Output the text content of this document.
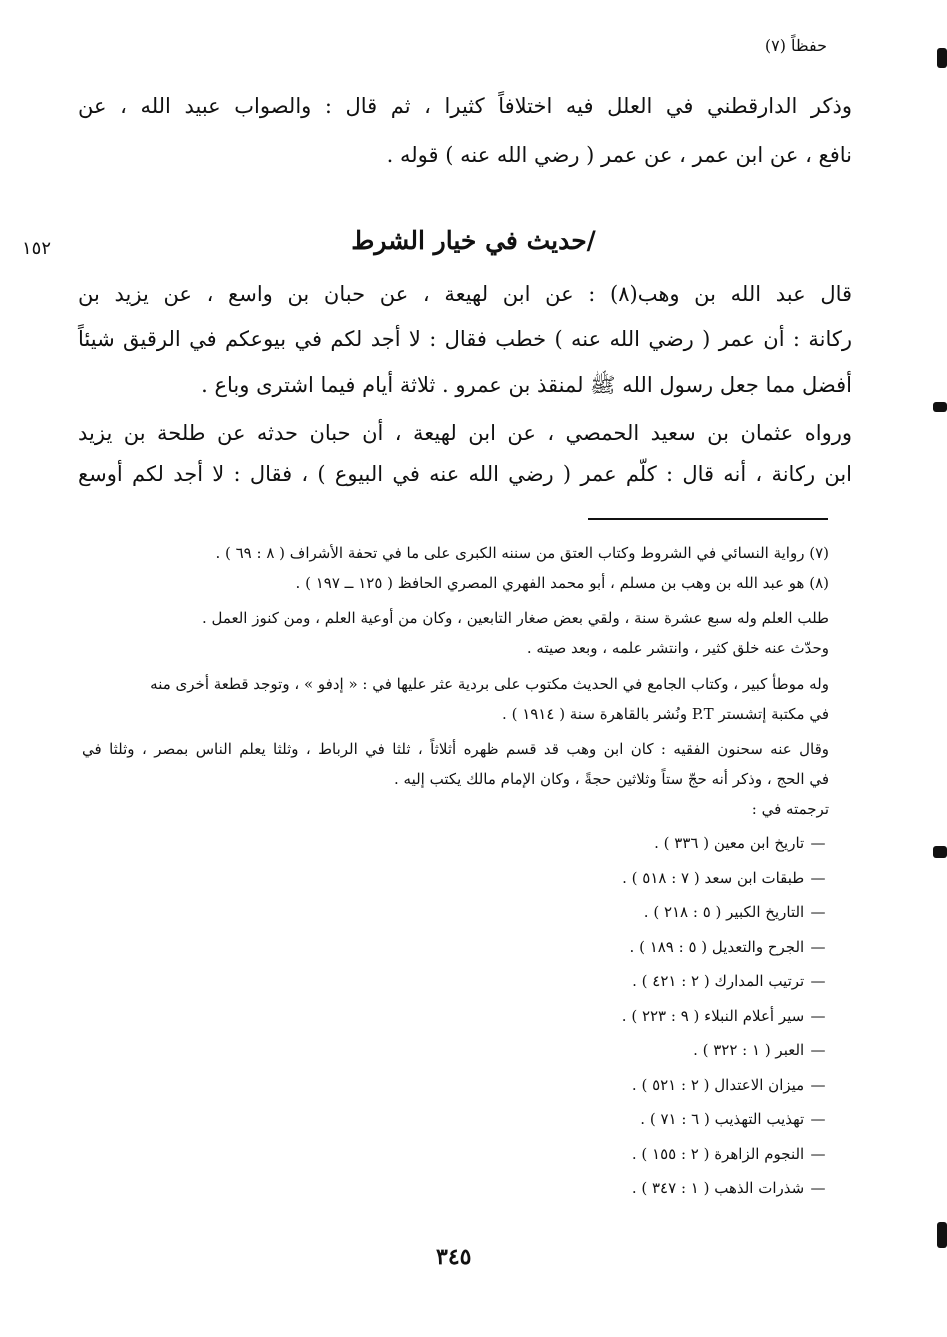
حفظاً (٧)
وذكر الدارقطني في العلل فيه اختلافاً كثيرا ، ثم قال : والصواب عبيد الله ، عن
نافع ، عن ابن عمر ، عن عمر ( رضي الله عنه ) قوله .
/حديث في خيار الشرط
١٥٢
قال عبد الله بن وهب(٨) : عن ابن لهيعة ، عن حبان بن واسع ، عن يزيد بن
ركانة : أن عمر ( رضي الله عنه ) خطب فقال : لا أجد لكم في بيوعكم في الرقيق شيئاً
أفضل مما جعل رسول الله ﷺ لمنقذ بن عمرو . ثلاثة أيام فيما اشترى وباع .
ورواه عثمان بن سعيد الحمصي ، عن ابن لهيعة ، أن حبان حدثه عن طلحة بن يزيد
ابن ركانة ، أنه قال : كلّم عمر ( رضي الله عنه في البيوع ) ، فقال : لا أجد لكم أوسع
(٧) رواية النسائي في الشروط وكتاب العتق من سننه الكبرى على ما في تحفة الأشراف ( ٨ : ٦٩ ) .
(٨) هو عبد الله بن وهب بن مسلم ، أبو محمد الفهري المصري الحافظ ( ١٢٥ ــ ١٩٧ ) .
طلب العلم وله سبع عشرة سنة ، ولقي بعض صغار التابعين ، وكان من أوعية العلم ، ومن كنوز العمل .
وحدّث عنه خلق كثير ، وانتشر علمه ، وبعد صيته .
وله موطأ كبير ، وكتاب الجامع في الحديث مكتوب على بردية عثر عليها في : « إدفو » ، وتوجد قطعة أخرى منه
في مكتبة إتشستر P.T ونُشر بالقاهرة سنة ( ١٩١٤ ) .
وقال عنه سحنون الفقيه : كان ابن وهب قد قسم ظهره أثلاثاً ، ثلثا في الرباط ، وثلثا يعلم الناس بمصر ، وثلثا في
في الحج ، وذكر أنه حجّ ستاً وثلاثين حجةً ، وكان الإمام مالك يكتب إليه .
ترجمته في :
— تاريخ ابن معين ( ٣٣٦ ) .
— طبقات ابن سعد ( ٧ : ٥١٨ ) .
— التاريخ الكبير ( ٥ : ٢١٨ ) .
— الجرح والتعديل ( ٥ : ١٨٩ ) .
— ترتيب المدارك ( ٢ : ٤٢١ ) .
— سير أعلام النبلاء ( ٩ : ٢٢٣ ) .
— العبر ( ١ : ٣٢٢ ) .
— ميزان الاعتدال ( ٢ : ٥٢١ ) .
— تهذيب التهذيب ( ٦ : ٧١ ) .
— النجوم الزاهرة ( ٢ : ١٥٥ ) .
— شذرات الذهب ( ١ : ٣٤٧ ) .
٣٤٥
